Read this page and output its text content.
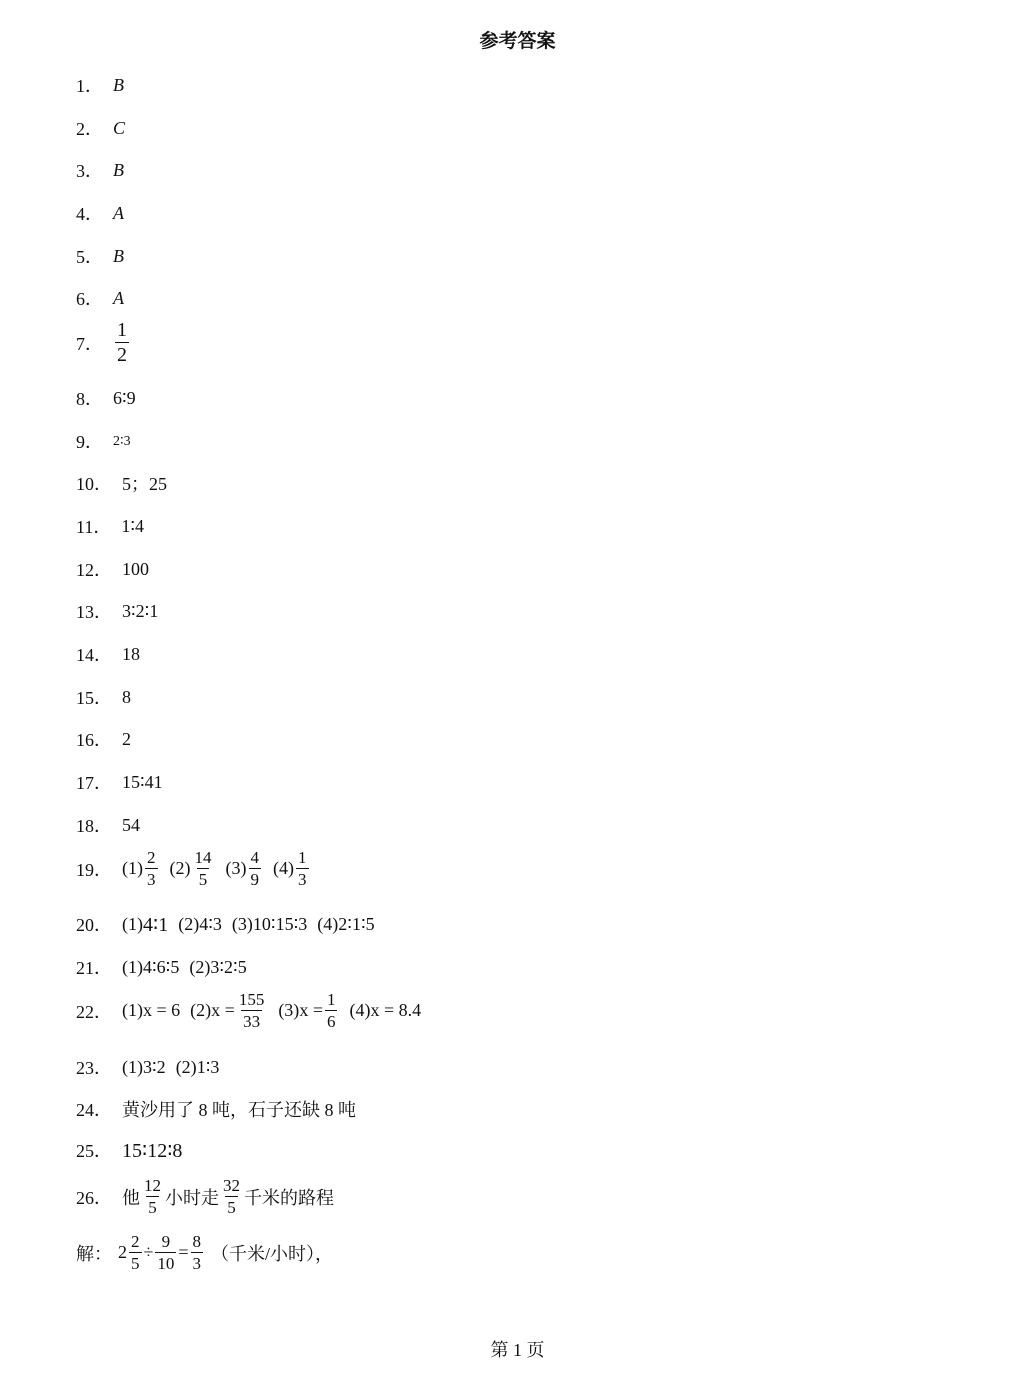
参考答案
1． B
2． C
3． B
4． A
5． B
6． A
7． $\frac{1}{2}$
8． 6∶9
9． 2∶3
10． 5；25
11． 1∶4
12． 100
13． 3∶2∶1
14． 18
15． 8
16． 2
17． 15∶41
18． 54
19． $(1) \frac{2}{3} (2) \frac{14}{5} (3) \frac{4}{9} (4) \frac{1}{3}$
20． (1) 4∶1 (2) 4∶3 (3) 10∶15∶3 (4) 2∶1∶5
21． (1) 4∶6∶5 (2) 3∶2∶5
22． (1) x = 6 (2) $x = \frac{155}{33} (3) x = \frac{1}{6} (4) x = 8.4$
23． (1) 3∶2 (2) 1∶3
24． 黄沙用了 8 吨，石子还缺 8 吨
25． 15∶12∶8
26． 他 $\frac{12}{5}$ 小时走 $\frac{32}{5}$ 千米的路程
解： $2 \frac{2}{5} \div \frac{9}{10} = \frac{8}{3}$ （千米/小时），
第 1 页
